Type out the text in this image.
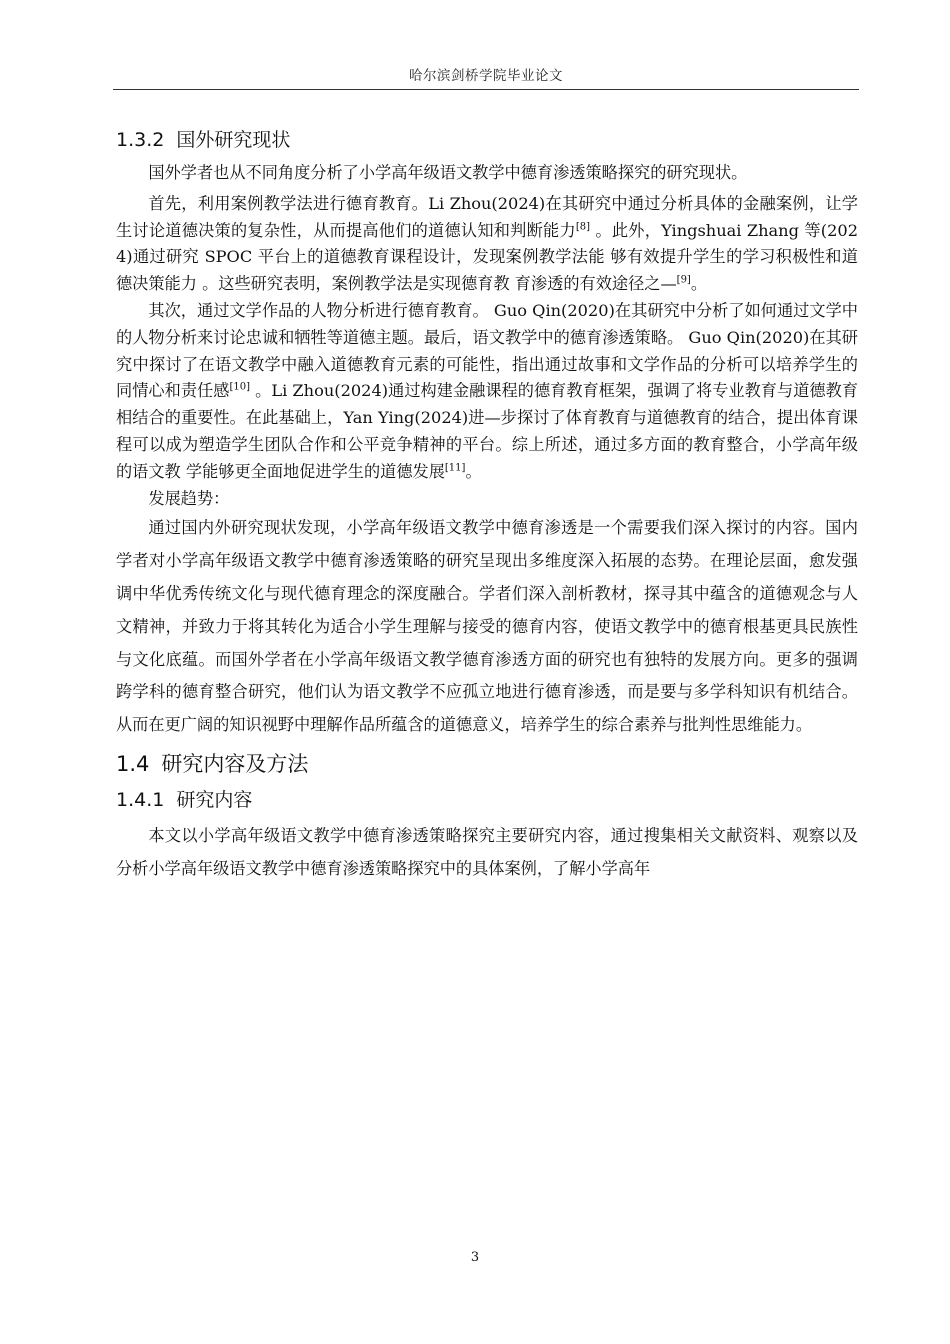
哈尔滨剑桥学院毕业论文
1.3.2 国外研究现状

国外学者也从不同角度分析了小学高年级语文教学中德育渗透策略探究的研究现状。

首先，利用案例教学法进行德育教育。Li Zhou(2024)在其研究中通过分析具体的金融案例，让学生讨论道德决策的复杂性，从而提高他们的道德认知和判断能力[8] 。此外，Yingshuai Zhang 等(2024)通过研究 SPOC 平台上的道德教育课程设计，发现案例教学法能 够有效提升学生的学习积极性和道德决策能力 。这些研究表明，案例教学法是实现德育教 育渗透的有效途径之—[9]。

其次，通过文学作品的人物分析进行德育教育。 Guo Qin(2020)在其研究中分析了如何通过文学中的人物分析来讨论忠诚和牺牲等道德主题。最后，语文教学中的德育渗透策略。 Guo Qin(2020)在其研究中探讨了在语文教学中融入道德教育元素的可能性，指出通过故事和文学作品的分析可以培养学生的同情心和责任感[10] 。Li Zhou(2024)通过构建金融课程的德育教育框架，强调了将专业教育与道德教育相结合的重要性。在此基础上，Yan Ying(2024)进—步探讨了体育教育与道德教育的结合，提出体育课程可以成为塑造学生团队合作和公平竞争精神的平台。综上所述，通过多方面的教育整合，小学高年级的语文教 学能够更全面地促进学生的道德发展[11]。

发展趋势：

通过国内外研究现状发现，小学高年级语文教学中德育渗透是一个需要我们深入探讨的内容。国内学者对小学高年级语文教学中德育渗透策略的研究呈现出多维度深入拓展的态势。在理论层面，愈发强调中华优秀传统文化与现代德育理念的深度融合。学者们深入剖析教材，探寻其中蕴含的道德观念与人文精神，并致力于将其转化为适合小学生理解与接受的德育内容，使语文教学中的德育根基更具民族性与文化底蕴。而国外学者在小学高年级语文教学德育渗透方面的研究也有独特的发展方向。更多的强调跨学科的德育整合研究，他们认为语文教学不应孤立地进行德育渗透，而是要与多学科知识有机结合。从而在更广阔的知识视野中理解作品所蕴含的道德意义，培养学生的综合素养与批判性思维能力。

1.4 研究内容及方法
1.4.1 研究内容

本文以小学高年级语文教学中德育渗透策略探究主要研究内容，通过搜集相关文献资料、观察以及分析小学高年级语文教学中德育渗透策略探究中的具体案例，了解小学高年

3
